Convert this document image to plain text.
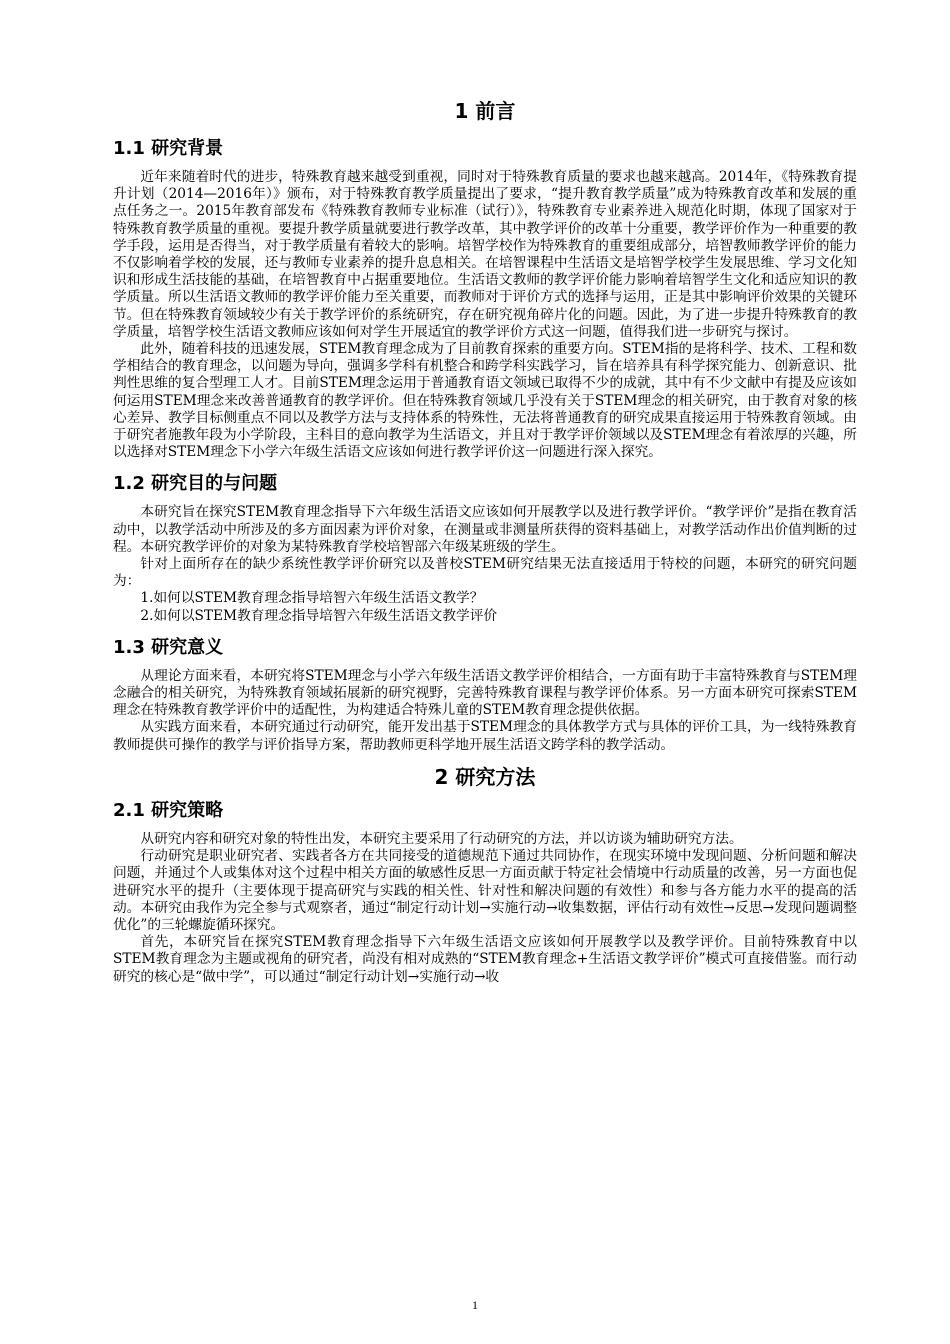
1 前言
1.1 研究背景

近年来随着时代的进步，特殊教育越来越受到重视，同时对于特殊教育质量的要求也越来越高。2014年，《特殊教育提升计划（2014—2016年）》颁布，对于特殊教育教学质量提出了要求，“提升教育教学质量”成为特殊教育改革和发展的重点任务之一。2015年教育部发布《特殊教育教师专业标准（试行）》，特殊教育专业素养进入规范化时期，体现了国家对于特殊教育教学质量的重视。要提升教学质量就要进行教学改革，其中教学评价的改革十分重要，教学评价作为一种重要的教学手段，运用是否得当，对于教学质量有着较大的影响。培智学校作为特殊教育的重要组成部分，培智教师教学评价的能力不仅影响着学校的发展，还与教师专业素养的提升息息相关。在培智课程中生活语文是培智学校学生发展思维、学习文化知识和形成生活技能的基础，在培智教育中占据重要地位。生活语文教师的教学评价能力影响着培智学生文化和适应知识的教学质量。所以生活语文教师的教学评价能力至关重要，而教师对于评价方式的选择与运用，正是其中影响评价效果的关键环节。但在特殊教育领域较少有关于教学评价的系统研究，存在研究视角碎片化的问题。因此，为了进一步提升特殊教育的教学质量，培智学校生活语文教师应该如何对学生开展适宜的教学评价方式这一问题，值得我们进一步研究与探讨。

此外，随着科技的迅速发展，STEM教育理念成为了目前教育探索的重要方向。STEM指的是将科学、技术、工程和数学相结合的教育理念，以问题为导向，强调多学科有机整合和跨学科实践学习，旨在培养具有科学探究能力、创新意识、批判性思维的复合型理工人才。目前STEM理念运用于普通教育语文领域已取得不少的成就，其中有不少文献中有提及应该如何运用STEM理念来改善普通教育的教学评价。但在特殊教育领域几乎没有关于STEM理念的相关研究，由于教育对象的核心差异、教学目标侧重点不同以及教学方法与支持体系的特殊性，无法将普通教育的研究成果直接运用于特殊教育领域。由于研究者施教年段为小学阶段，主科目的意向教学为生活语文，并且对于教学评价领域以及STEM理念有着浓厚的兴趣，所以选择对STEM理念下小学六年级生活语文应该如何进行教学评价这一问题进行深入探究。

1.2 研究目的与问题

本研究旨在探究STEM教育理念指导下六年级生活语文应该如何开展教学以及进行教学评价。“教学评价”是指在教育活动中，以教学活动中所涉及的多方面因素为评价对象，在测量或非测量所获得的资料基础上，对教学活动作出价值判断的过程。本研究教学评价的对象为某特殊教育学校培智部六年级某班级的学生。

针对上面所存在的缺少系统性教学评价研究以及普校STEM研究结果无法直接适用于特校的问题，本研究的研究问题为：

1.如何以STEM教育理念指导培智六年级生活语文教学？
2.如何以STEM教育理念指导培智六年级生活语文教学评价
1.3 研究意义

从理论方面来看，本研究将STEM理念与小学六年级生活语文教学评价相结合，一方面有助于丰富特殊教育与STEM理念融合的相关研究，为特殊教育领域拓展新的研究视野，完善特殊教育课程与教学评价体系。另一方面本研究可探索STEM理念在特殊教育教学评价中的适配性，为构建适合特殊儿童的STEM教育理念提供依据。

从实践方面来看，本研究通过行动研究，能开发出基于STEM理念的具体教学方式与具体的评价工具，为一线特殊教育教师提供可操作的教学与评价指导方案，帮助教师更科学地开展生活语文跨学科的教学活动。

2 研究方法
2.1 研究策略

从研究内容和研究对象的特性出发，本研究主要采用了行动研究的方法，并以访谈为辅助研究方法。

行动研究是职业研究者、实践者各方在共同接受的道德规范下通过共同协作，在现实环境中发现问题、分析问题和解决问题，并通过个人或集体对这个过程中相关方面的敏感性反思一方面贡献于特定社会情境中行动质量的改善，另一方面也促进研究水平的提升（主要体现于提高研究与实践的相关性、针对性和解决问题的有效性）和参与各方能力水平的提高的活动。本研究由我作为完全参与式观察者，通过“制定行动计划→实施行动→收集数据，评估行动有效性→反思→发现问题调整优化”的三轮螺旋循环探究。

首先，本研究旨在探究STEM教育理念指导下六年级生活语文应该如何开展教学以及教学评价。目前特殊教育中以STEM教育理念为主题或视角的研究者，尚没有相对成熟的“STEM教育理念+生活语文教学评价”模式可直接借鉴。而行动研究的核心是“做中学”，可以通过“制定行动计划→实施行动→收

1
